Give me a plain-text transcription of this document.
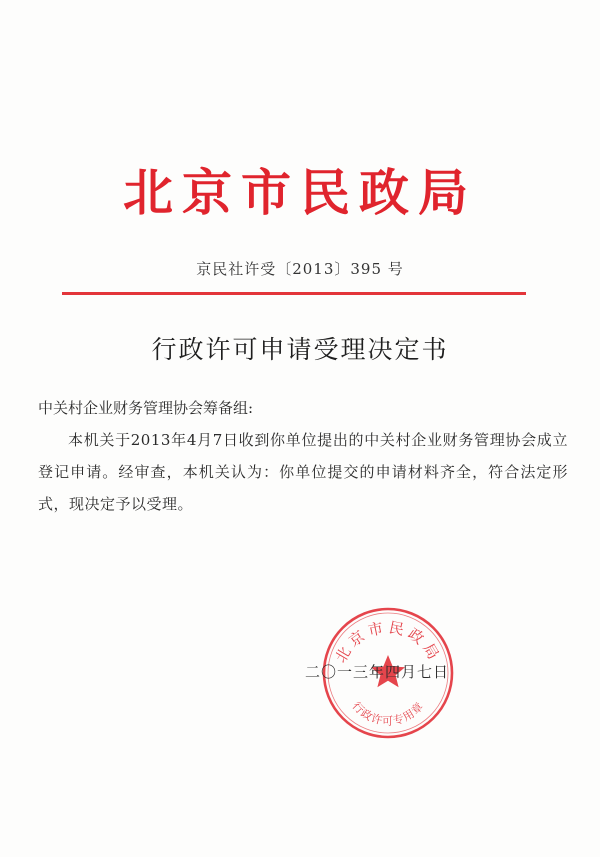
北京市民政局
京民社许受〔2013〕395 号
行政许可申请受理决定书

中关村企业财务管理协会筹备组:

本机关于2013年4月7日收到你单位提出的中关村企业财务管理协会成立登记申请。经审查，本机关认为：你单位提交的申请材料齐全，符合法定形式，现决定予以受理。

北京市民政局
行政许可专用章
二〇一三年四月七日
